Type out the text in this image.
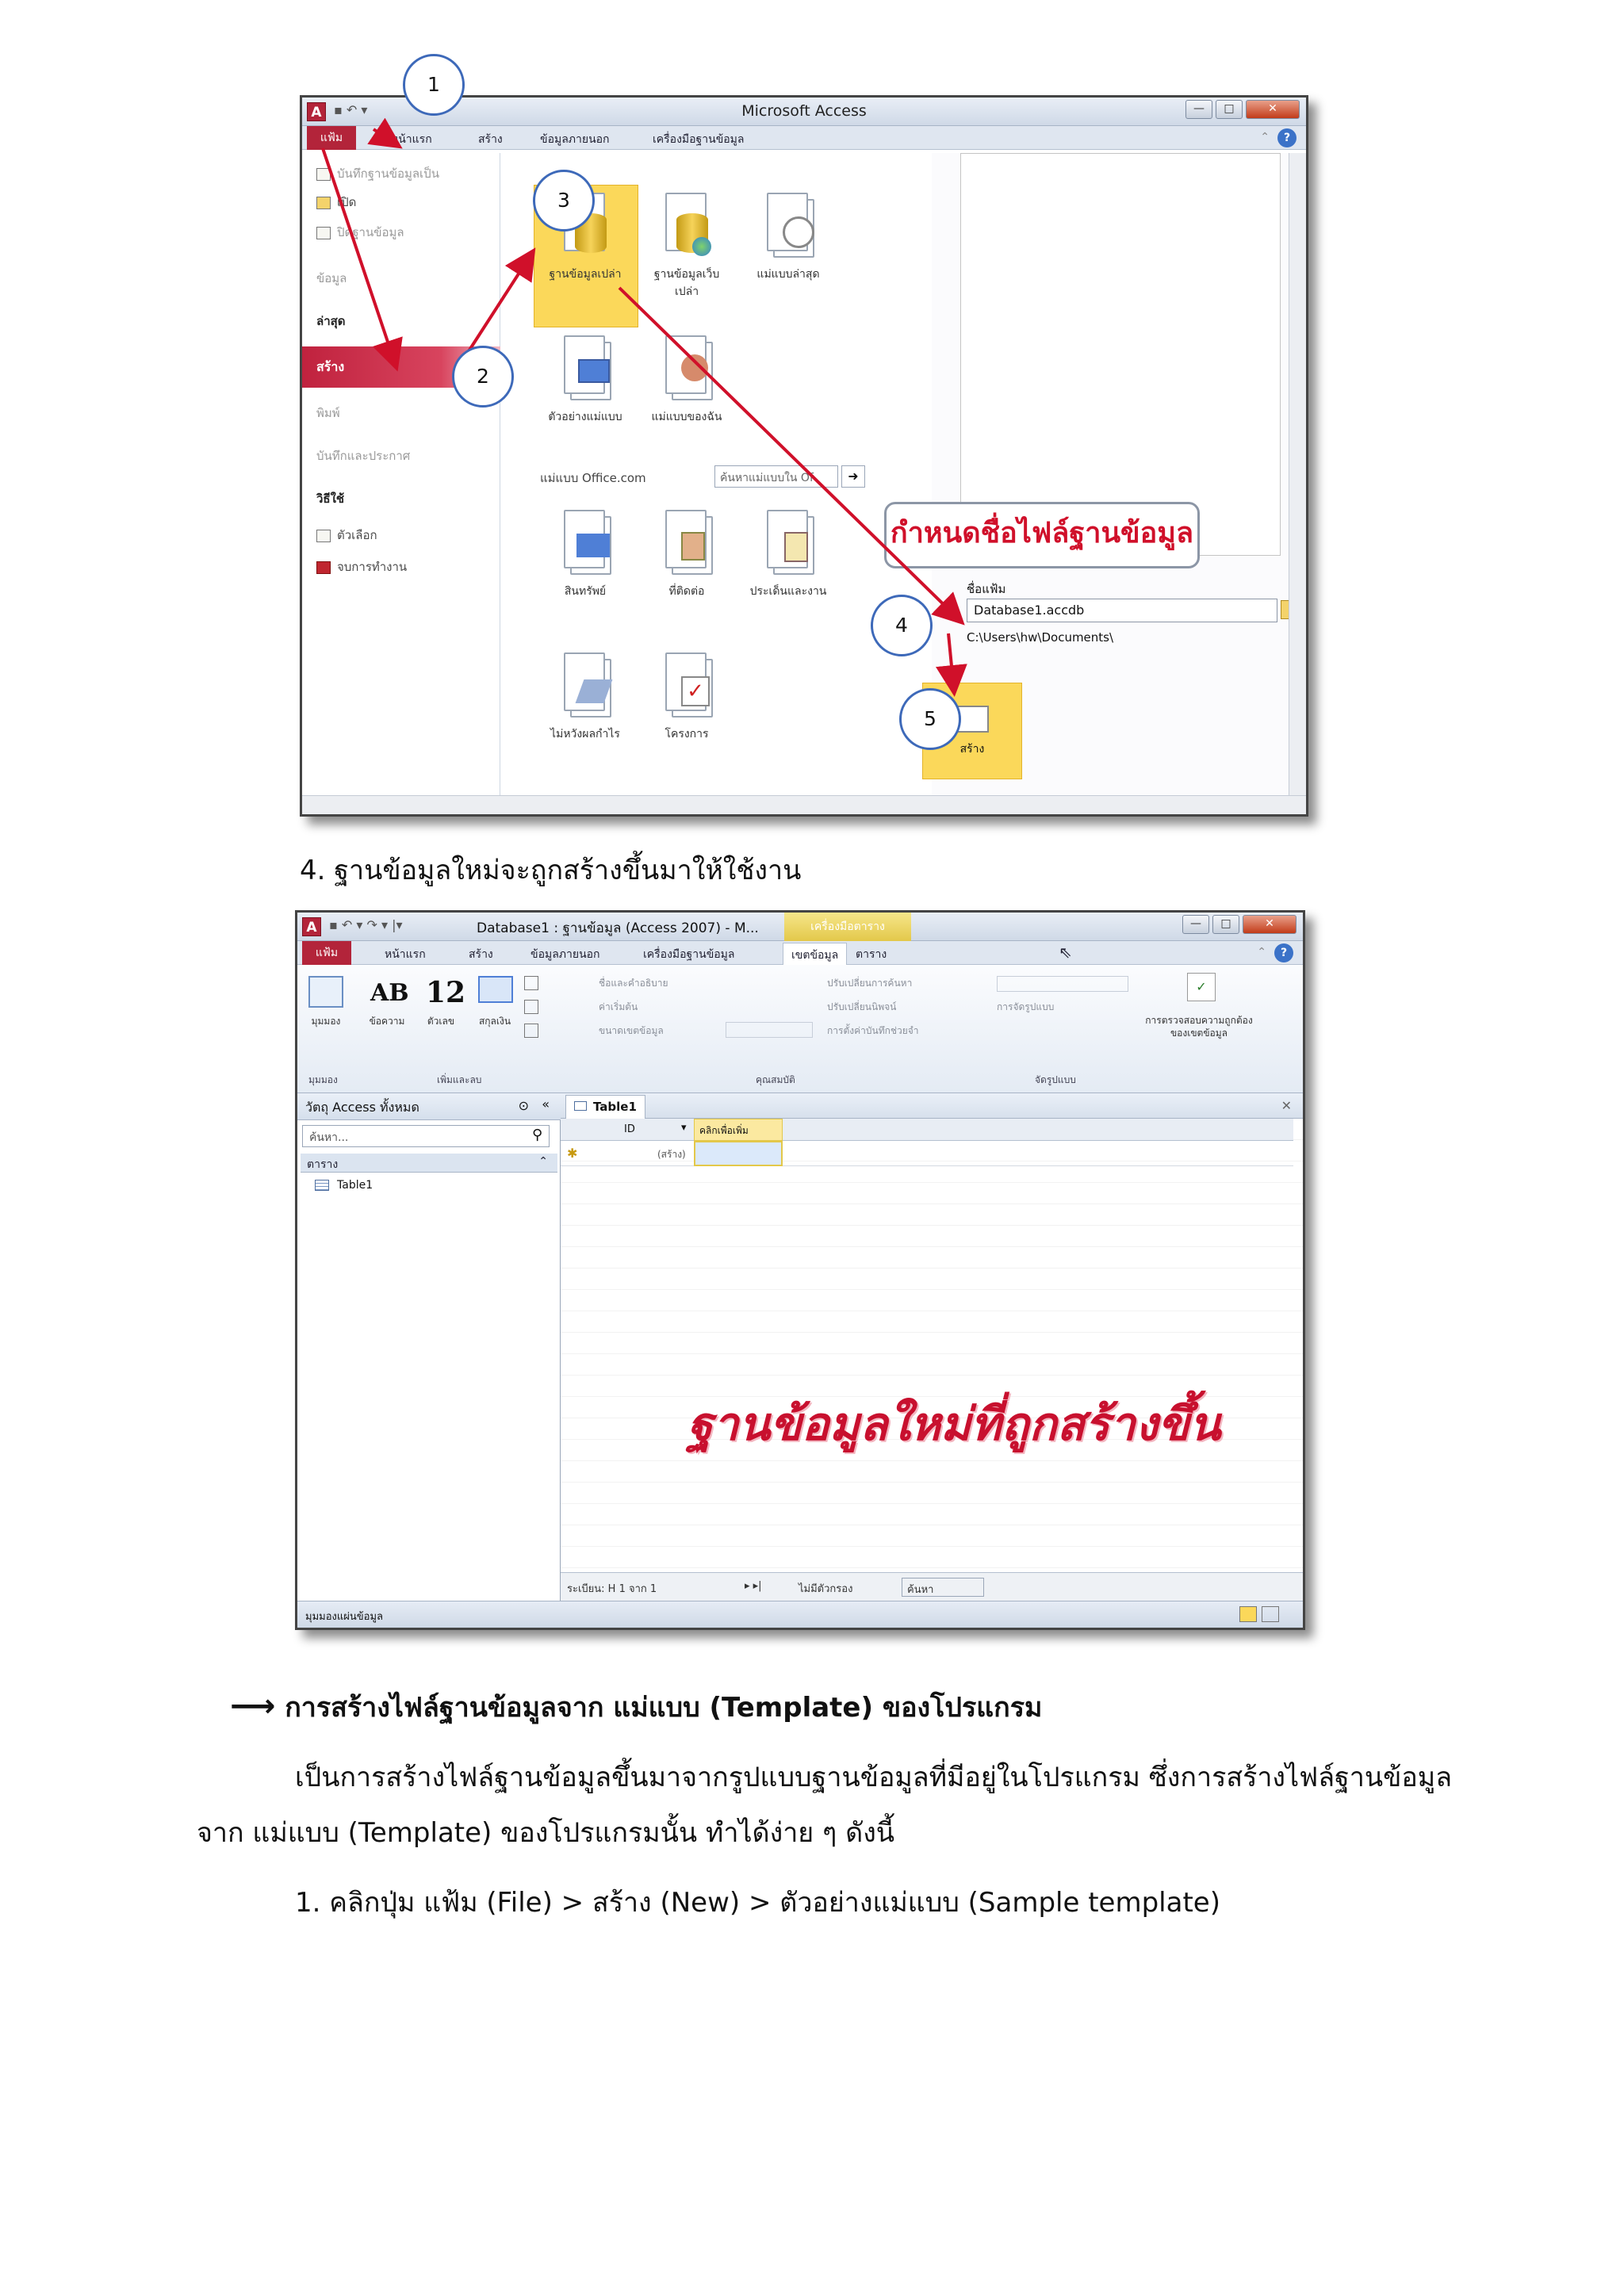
A ▪ ↶ ▾	Microsoft Access	—	□	✕
หน้าแรก	สร้าง	ข้อมูลภายนอก	เครื่องมือฐานข้อมูล	⌃	?
แฟ้ม
บันทึกฐานข้อมูลเป็น
เปิด
ปิดฐานข้อมูล
ข้อมูล
ล่าสุด
สร้าง
พิมพ์
บันทึกและประกาศ
วิธีใช้
ตัวเลือก
จบการทำงาน
ฐานข้อมูลเปล่า	ฐานข้อมูลเว็บเปล่า
แม่แบบล่าสุด
ตัวอย่างแม่แบบ	แม่แบบของฉัน
แม่แบบ Office.com	ค้นหาแม่แบบใน Of	➜
สินทรัพย์	ที่ติดต่อ	ประเด็นและงาน
ไม่หวังผลกำไร
✓
โครงการ
กำหนดชื่อไฟล์ฐานข้อมูล
ชื่อแฟ้ม
Database1.accdb
C:\Users\hw\Documents\
สร้าง
1
2
3
4
5
4. ฐานข้อมูลใหม่จะถูกสร้างขึ้นมาให้ใช้งาน
A ▪ ↶ ▾ ↷ ▾ |▾	Database1 : ฐานข้อมูล (Access 2007) - M...	เครื่องมือตาราง	—	□	✕
หน้าแรก	สร้าง	ข้อมูลภายนอก	เครื่องมือฐานข้อมูล	เขตข้อมูล	ตาราง	⇖	⌃	?
แฟ้ม
มุมมอง
AB
ข้อความ
12
ตัวเลข	สกุลเงิน
ชื่อและคำอธิบาย
ค่าเริ่มต้น
ขนาดเขตข้อมูล
ปรับเปลี่ยนการค้นหา
ปรับเปลี่ยนนิพจน์
การตั้งค่าบันทึกช่วยจำ
การจัดรูปแบบ
✓
การตรวจสอบความถูกต้องของเขตข้อมูล
มุมมอง	เพิ่มและลบ	คุณสมบัติ	จัดรูปแบบ
วัตถุ Access ทั้งหมด	⊙ «
ค้นหา...	⚲
ตาราง	⌃
Table1
Table1	✕
ID	▾	คลิกเพื่อเพิ่ม
✱	(สร้าง)
ฐานข้อมูลใหม่ที่ถูกสร้างขึ้น
ระเบียน: H 1 จาก 1	▸ ▸|	ไม่มีตัวกรอง	ค้นหา
มุมมองแผ่นข้อมูล
⟶ การสร้างไฟล์ฐานข้อมูลจาก แม่แบบ (Template) ของโปรแกรม
เป็นการสร้างไฟล์ฐานข้อมูลขึ้นมาจากรูปแบบฐานข้อมูลที่มีอยู่ในโปรแกรม ซึ่งการสร้างไฟล์ฐานข้อมูล
จาก แม่แบบ (Template) ของโปรแกรมนั้น ทำได้ง่าย ๆ ดังนี้
1. คลิกปุ่ม แฟ้ม (File) > สร้าง (New) > ตัวอย่างแม่แบบ (Sample template)
